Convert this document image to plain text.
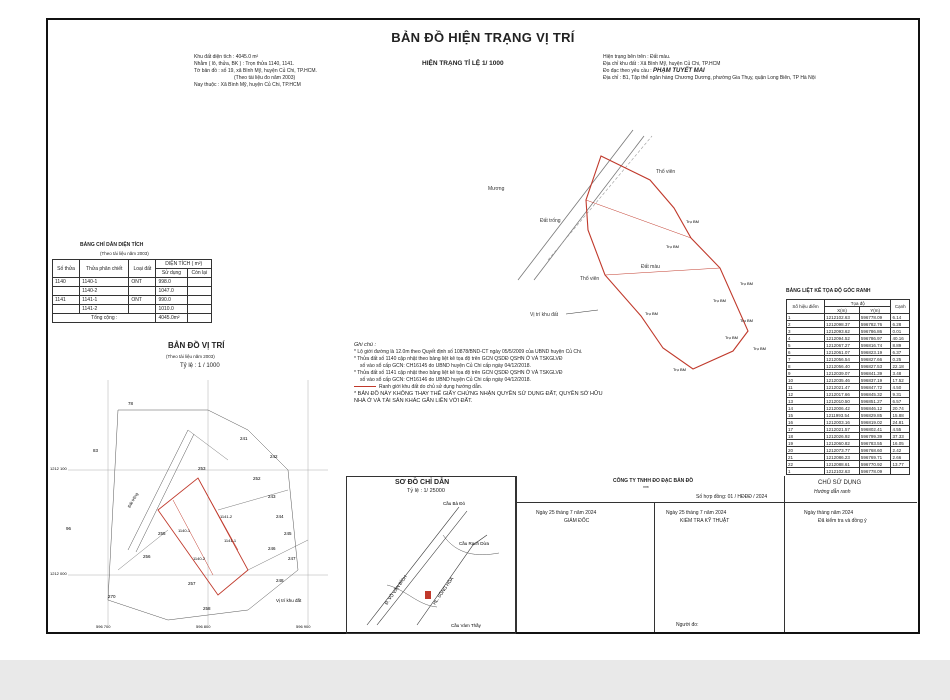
BẢN ĐỒ HIỆN TRẠNG VỊ TRÍ
Khu đất diện tích : 4045.0 m²
Nhằm ( lô, thửa, BK ) : Trọn thửa 1140, 1141.
Tờ bản đồ : số 19, xã Bình Mỹ, huyện Củ Chi, TP.HCM.
(Theo tài liệu đo năm 2003)
Nay thuộc : Xã Bình Mỹ, huyện Củ Chi, TP.HCM
HIỆN TRẠNG TỈ LỆ 1/ 1000
Hiện trạng bên trên : Đất màu.
Địa chỉ khu đất : Xã Bình Mỹ, huyện Củ Chi, TP.HCM
Đo đạc theo yêu cầu : PHẠM TUYẾT MAI
Địa chỉ : B1, Tập thể ngân hàng Chương Dương, phường Gia Thụy, quận Long Biên, TP Hà Nội
Mương
Đất trống
Thổ viên
Đất màu
Thổ viên
Vị trí khu đất
Trụ BM
Trụ BM
Trụ BM
Trụ BM
Trụ BM
Trụ BM
Trụ BM
Trụ BM
Trụ BM
BẢNG CHỈ DẪN DIỆN TÍCH
(Theo tài liệu năm 2003)
Số thửa	Thửa phân chiết	Loại đất	DIỆN TÍCH ( m²)	
			Sử dụng	Còn lại
1140	1140-1	ONT	998.0	
	1140-2		1047.0	
1141	1141-1	ONT	990.0	
	1141-2		1010.0	
Tổng cộng :			4045.0m²	
BẢN ĐỒ VỊ TRÍ
(Theo tài liệu năm 2003)
Tỷ lệ : 1 / 1000
78
83
241
242
252
253
243
244
245
246
247
248
255
256
257
258
270
96
1141-2
1141-1
1140-1
1140-2
Đất trống
1212 100
1212 000
596 700	596 800	596 900
Vị trí khu đất
Ghi chú :
* Lộ giới đường là 12.0m theo Quyết định số 10878/BND-CT ngày 05/5/2009 của UBND huyện Củ Chi.
* Thửa đất số 1140 cập nhật theo bảng liệt kê tọa độ trên GCN QSDĐ QSHN Ở VÀ TSKGLVĐ
số vào sổ cấp GCN: CH16145 do UBND huyện Củ Chi cấp ngày 04/12/2018.
* Thửa đất số 1141 cập nhật theo bảng liệt kê tọa độ trên GCN QSDĐ QSHN Ở VÀ TSKGLVĐ
số vào sổ cấp GCN: CH16146 do UBND huyện Củ Chi cấp ngày 04/12/2018.
Ranh giới khu đất do chủ sử dụng hướng dẫn.
* BẢN ĐỒ NÀY KHÔNG THAY THẾ GIẤY CHỨNG NHẬN QUYỀN SỬ DỤNG ĐẤT, QUYỀN SỞ HỮU
NHÀ Ở VÀ TÀI SẢN KHÁC GẮN LIỀN VỚI ĐẤT.
BẢNG LIỆT KÊ TỌA ĐỘ GÓC RANH
Số hiệu điểm	Tọa độ		Cạnh
	X(m)	Y(m)	
1	1212102.63	596778.09	6.14
2	1212098.37	596782.76	6.28
3	1212093.62	596786.86	0.01
4	1212094.52	596786.97	40.16
5	1212067.27	596816.74	8.89
6	1212061.07	596823.19	6.37
7	1212056.54	596827.66	0.25
8	1212056.40	596827.53	22.18
9	1212039.07	596841.39	3.48
10	1212035.46	596837.19	17.52
11	1212021.47	596847.72	4.50
12	1212017.66	596845.32	9.31
13	1212010.50	596851.27	6.57
14	1212006.42	596846.12	20.74
15	1211993.54	596829.85	15.88
16	1212003.16	596819.02	24.81
17	1212021.57	596802.41	4.55
18	1212026.92	596799.39	37.33
19	1212060.82	596783.55	16.05
20	1212073.77	596768.60	2.42
21	1212086.23	596769.71	2.66
22	1212088.61	596770.92	13.77
1	1212102.63	596778.09	
SƠ ĐỒ CHỈ DẪN
Tỷ lệ : 1/ 25000
Cầu Bà Đỏ
Cầu Rạch Dừa
Cầu Vàm Thầy
Đ. VÕ VĂN BÍCH	HL. SÔNG HÒA
CÔNG TY TNHH ĐO ĐẠC BẢN ĐỒ
***
Số hợp đồng: 01 / HĐĐĐ / 2024
Ngày 25 tháng 7 năm 2024
GIÁM ĐỐC
Ngày 25 tháng 7 năm 2024
KIỂM TRA KỸ THUẬT
Người đo:
CHỦ SỬ DỤNG
Hướng dẫn ranh
Ngày tháng năm 2024
Đã kiểm tra và đồng ý
